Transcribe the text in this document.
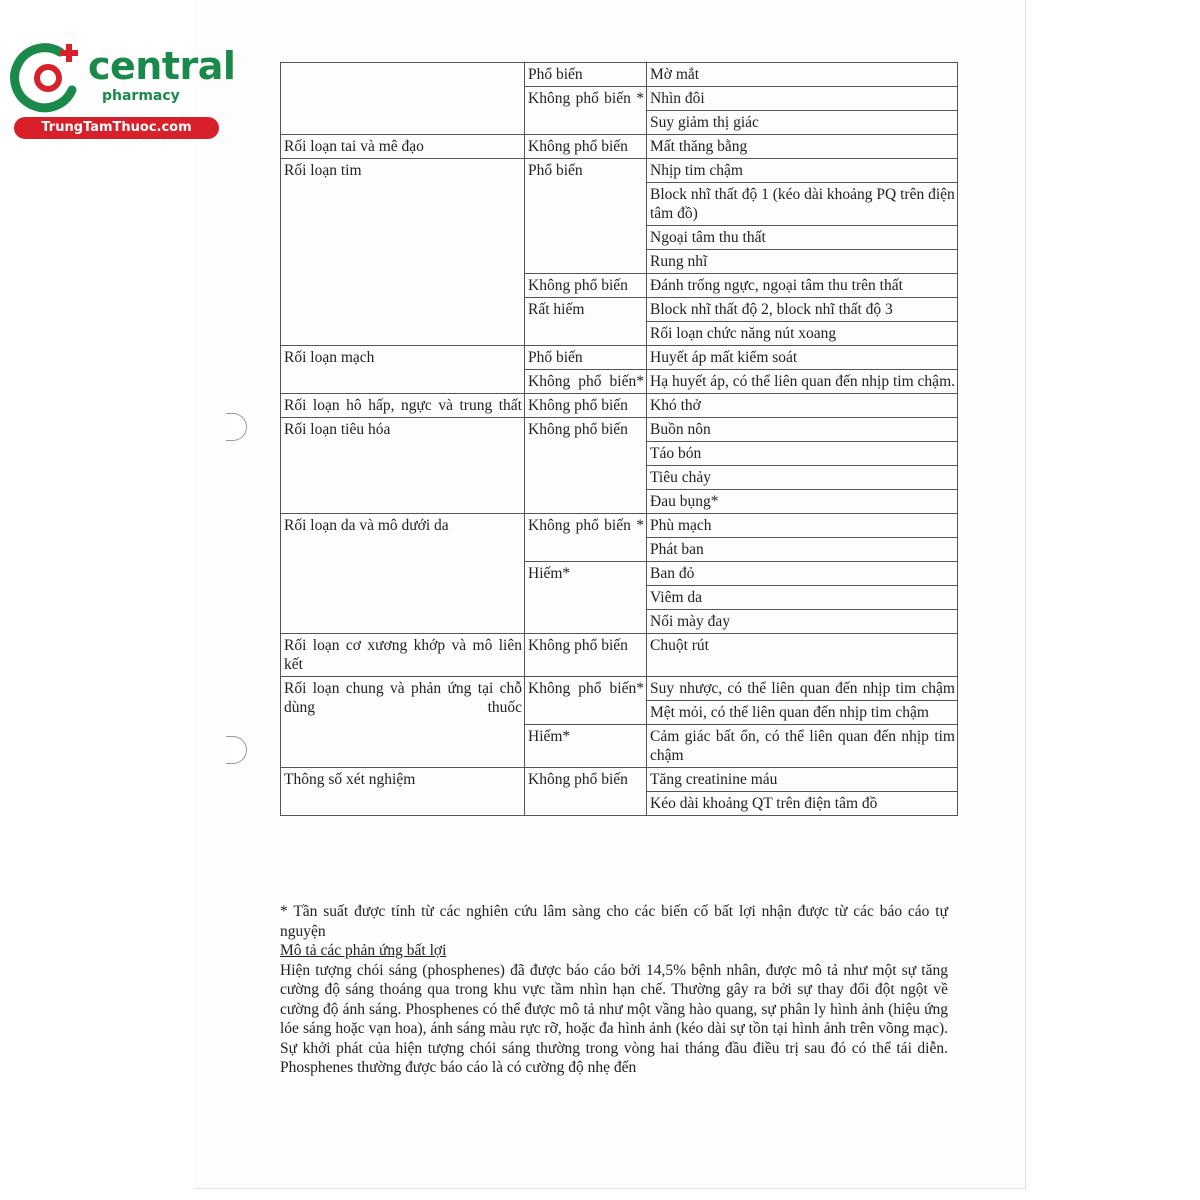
central
pharmacy
TrungTamThuoc.com
	Phổ biến	Mờ mắt
	Không phổ biến *	Nhìn đôi
		Suy giảm thị giác
Rối loạn tai và mê đạo	Không phổ biến	Mất thăng bằng
Rối loạn tim	Phổ biến	Nhịp tim chậm
		Block nhĩ thất độ 1 (kéo dài khoảng PQ trên điện tâm đồ)
		Ngoại tâm thu thất
		Rung nhĩ
	Không phổ biến	Đánh trống ngực, ngoại tâm thu trên thất
	Rất hiếm	Block nhĩ thất độ 2, block nhĩ thất độ 3
		Rối loạn chức năng nút xoang
Rối loạn mạch	Phổ biến	Huyết áp mất kiểm soát
	Không phổ biến*	Hạ huyết áp, có thể liên quan đến nhịp tim chậm.
Rối loạn hô hấp, ngực và trung thất	Không phổ biến	Khó thở
Rối loạn tiêu hóa	Không phổ biến	Buồn nôn
		Táo bón
		Tiêu chảy
		Đau bụng*
Rối loạn da và mô dưới da	Không phổ biến *	Phù mạch
		Phát ban
	Hiếm*	Ban đỏ
		Viêm da
		Nổi mày đay
Rối loạn cơ xương khớp và mô liên kết	Không phổ biến	Chuột rút
Rối loạn chung và phản ứng tại chỗ dùng thuốc	Không phổ biến*	Suy nhược, có thể liên quan đến nhịp tim chậm
		Mệt mỏi, có thể liên quan đến nhịp tim chậm
	Hiếm*	Cảm giác bất ổn, có thể liên quan đến nhịp tim chậm
Thông số xét nghiệm	Không phổ biến	Tăng creatinine máu
		Kéo dài khoảng QT trên điện tâm đồ

* Tần suất được tính từ các nghiên cứu lâm sàng cho các biến cố bất lợi nhận được từ các báo cáo tự nguyện

Mô tả các phản ứng bất lợi

Hiện tượng chói sáng (phosphenes) đã được báo cáo bởi 14,5% bệnh nhân, được mô tả như một sự tăng cường độ sáng thoáng qua trong khu vực tầm nhìn hạn chế. Thường gây ra bởi sự thay đổi đột ngột về cường độ ánh sáng. Phosphenes có thể được mô tả như một vầng hào quang, sự phân ly hình ảnh (hiệu ứng lóe sáng hoặc vạn hoa), ánh sáng màu rực rỡ, hoặc đa hình ảnh (kéo dài sự tồn tại hình ảnh trên võng mạc). Sự khởi phát của hiện tượng chói sáng thường trong vòng hai tháng đầu điều trị sau đó có thể tái diễn. Phosphenes thường được báo cáo là có cường độ nhẹ đến
